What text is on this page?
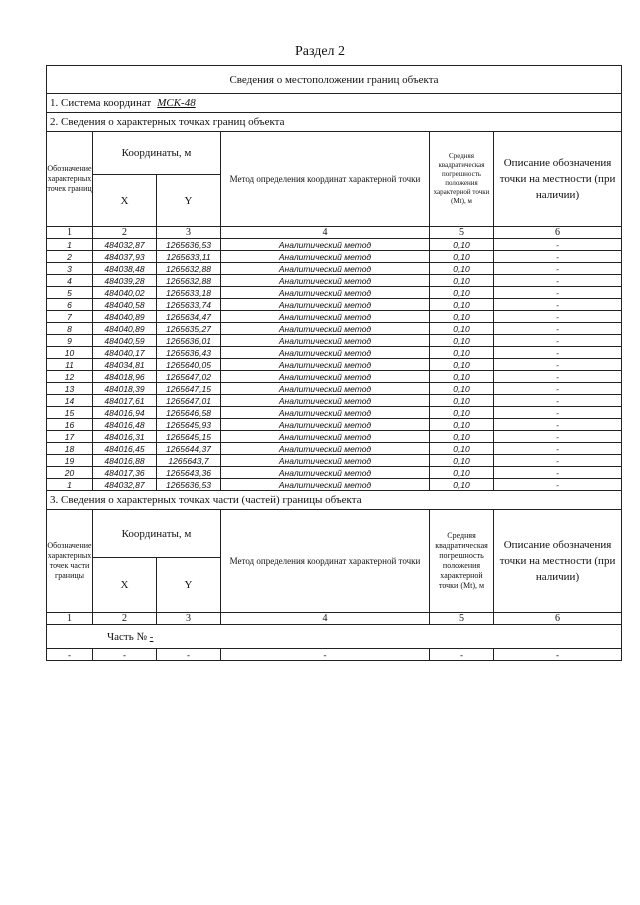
Раздел 2
Сведения о местоположении границ объекта					
1. Система координат МСК-48					
2. Сведения о характерных точках границ объекта					
Обозначение характерных точек границ	Координаты, м		Метод определения координат характерной точки	Средняя квадратическая погрешность положения характерной точки (Mt), м	Описание обозначения точки на местности (при наличии)
	X	Y			
1	2	3	4	5	6
1	484032,87	1265636,53	Аналитический метод	0,10	-
2	484037,93	1265633,11	Аналитический метод	0,10	-
3	484038,48	1265632,88	Аналитический метод	0,10	-
4	484039,28	1265632,88	Аналитический метод	0,10	-
5	484040,02	1265633,18	Аналитический метод	0,10	-
6	484040,58	1265633,74	Аналитический метод	0,10	-
7	484040,89	1265634,47	Аналитический метод	0,10	-
8	484040,89	1265635,27	Аналитический метод	0,10	-
9	484040,59	1265636,01	Аналитический метод	0,10	-
10	484040,17	1265636,43	Аналитический метод	0,10	-
11	484034,81	1265640,05	Аналитический метод	0,10	-
12	484018,96	1265647,02	Аналитический метод	0,10	-
13	484018,39	1265647,15	Аналитический метод	0,10	-
14	484017,61	1265647,01	Аналитический метод	0,10	-
15	484016,94	1265646,58	Аналитический метод	0,10	-
16	484016,48	1265645,93	Аналитический метод	0,10	-
17	484016,31	1265645,15	Аналитический метод	0,10	-
18	484016,45	1265644,37	Аналитический метод	0,10	-
19	484016,88	1265643,7	Аналитический метод	0,10	-
20	484017,36	1265643,36	Аналитический метод	0,10	-
1	484032,87	1265636,53	Аналитический метод	0,10	-
3. Сведения о характерных точках части (частей) границы объекта					
Обозначение характерных точек части границы	Координаты, м		Метод определения координат характерной точки	Средняя квадратическая погрешность положения характерной точки (Mt), м	Описание обозначения точки на местности (при наличии)
	X	Y			
1	2	3	4	5	6
Часть № -					
-	-	-	-	-	-
